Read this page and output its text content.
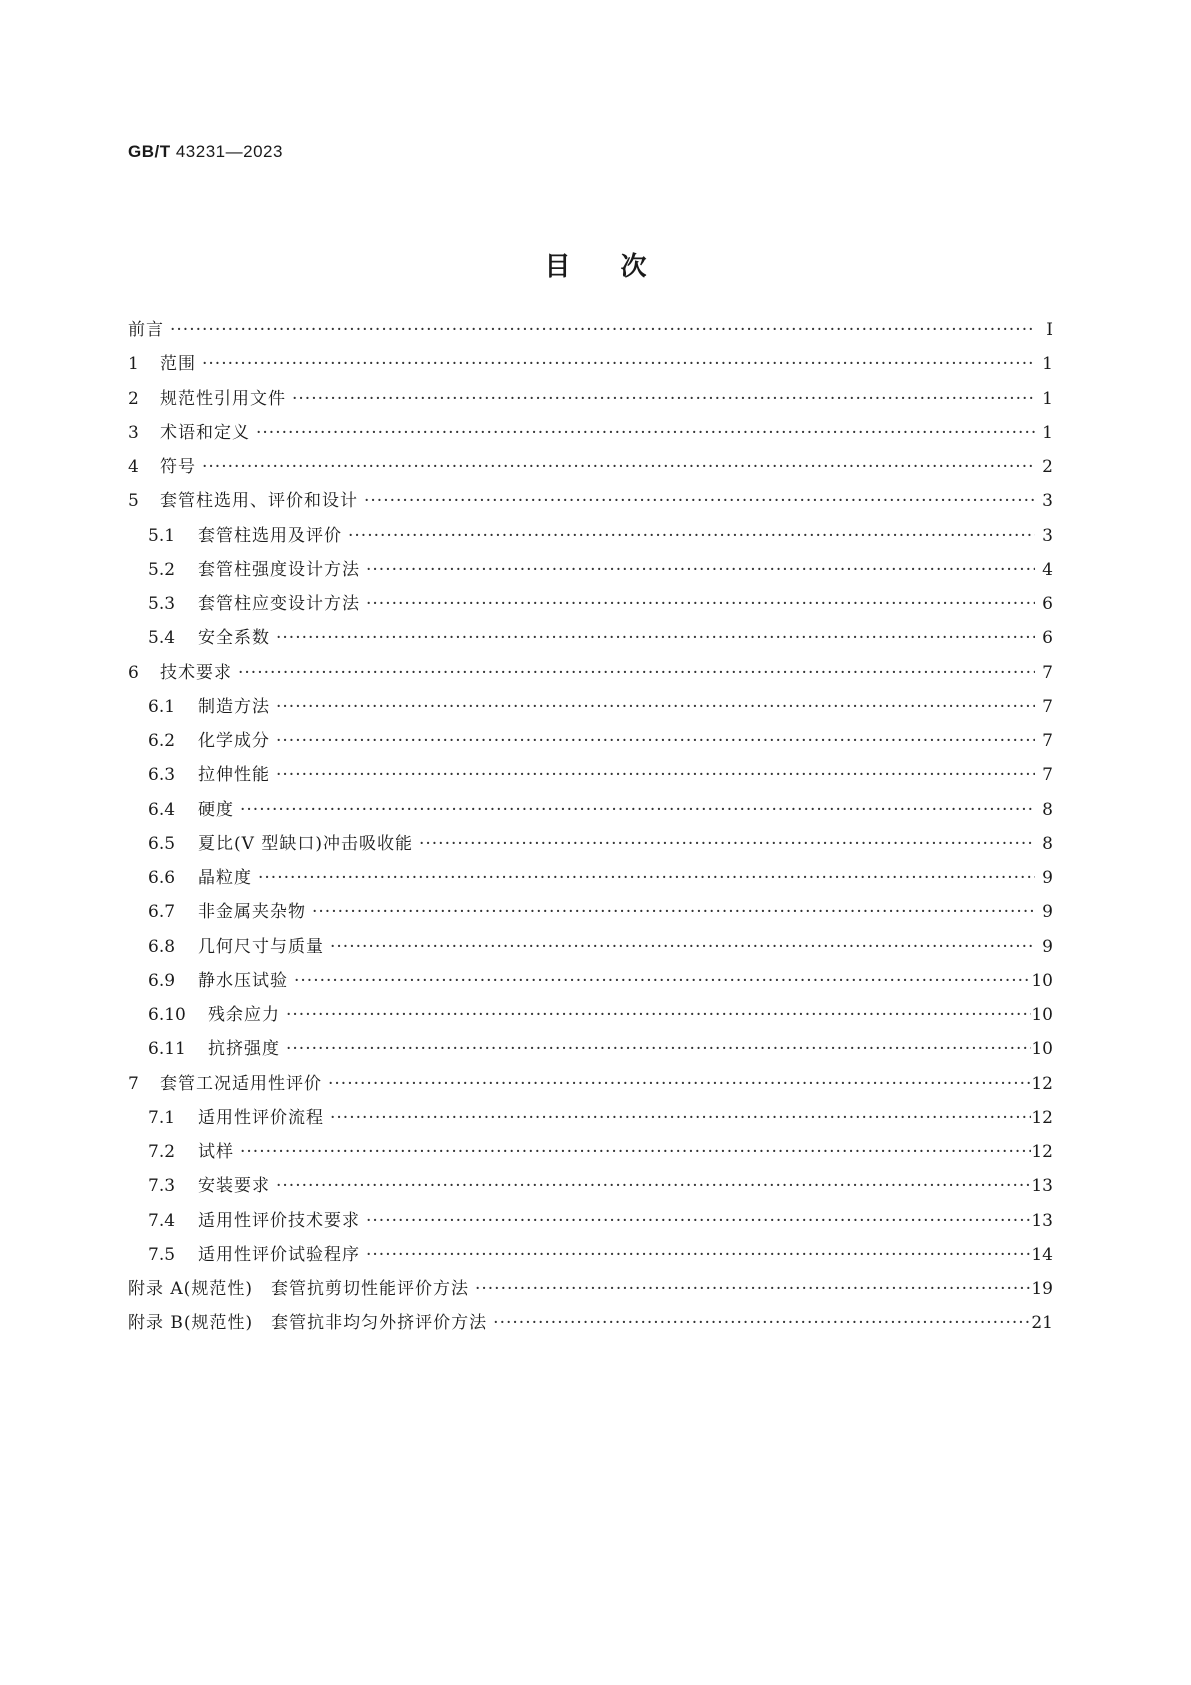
GB/T 43231—2023
目次
前言 ·····	Ⅰ
1	范围 ·····	1
2	规范性引用文件 ·····	1
3	术语和定义 ·····	1
4	符号 ·····	2
5	套管柱选用、评价和设计 ·····	3
5.1	套管柱选用及评价 ·····	3
5.2	套管柱强度设计方法 ·····	4
5.3	套管柱应变设计方法 ·····	6
5.4	安全系数 ·····	6
6	技术要求 ·····	7
6.1	制造方法 ·····	7
6.2	化学成分 ·····	7
6.3	拉伸性能 ·····	7
6.4	硬度 ·····	8
6.5	夏比(V 型缺口)冲击吸收能 ·····	8
6.6	晶粒度 ·····	9
6.7	非金属夹杂物 ·····	9
6.8	几何尺寸与质量 ·····	9
6.9	静水压试验 ·····	10
6.10	残余应力 ·····	10
6.11	抗挤强度 ·····	10
7	套管工况适用性评价 ·····	12
7.1	适用性评价流程 ·····	12
7.2	试样 ·····	12
7.3	安装要求 ·····	13
7.4	适用性评价技术要求 ·····	13
7.5	适用性评价试验程序 ·····	14
附录 A(规范性)　套管抗剪切性能评价方法 ·····	19
附录 B(规范性)　套管抗非均匀外挤评价方法 ·····	21
